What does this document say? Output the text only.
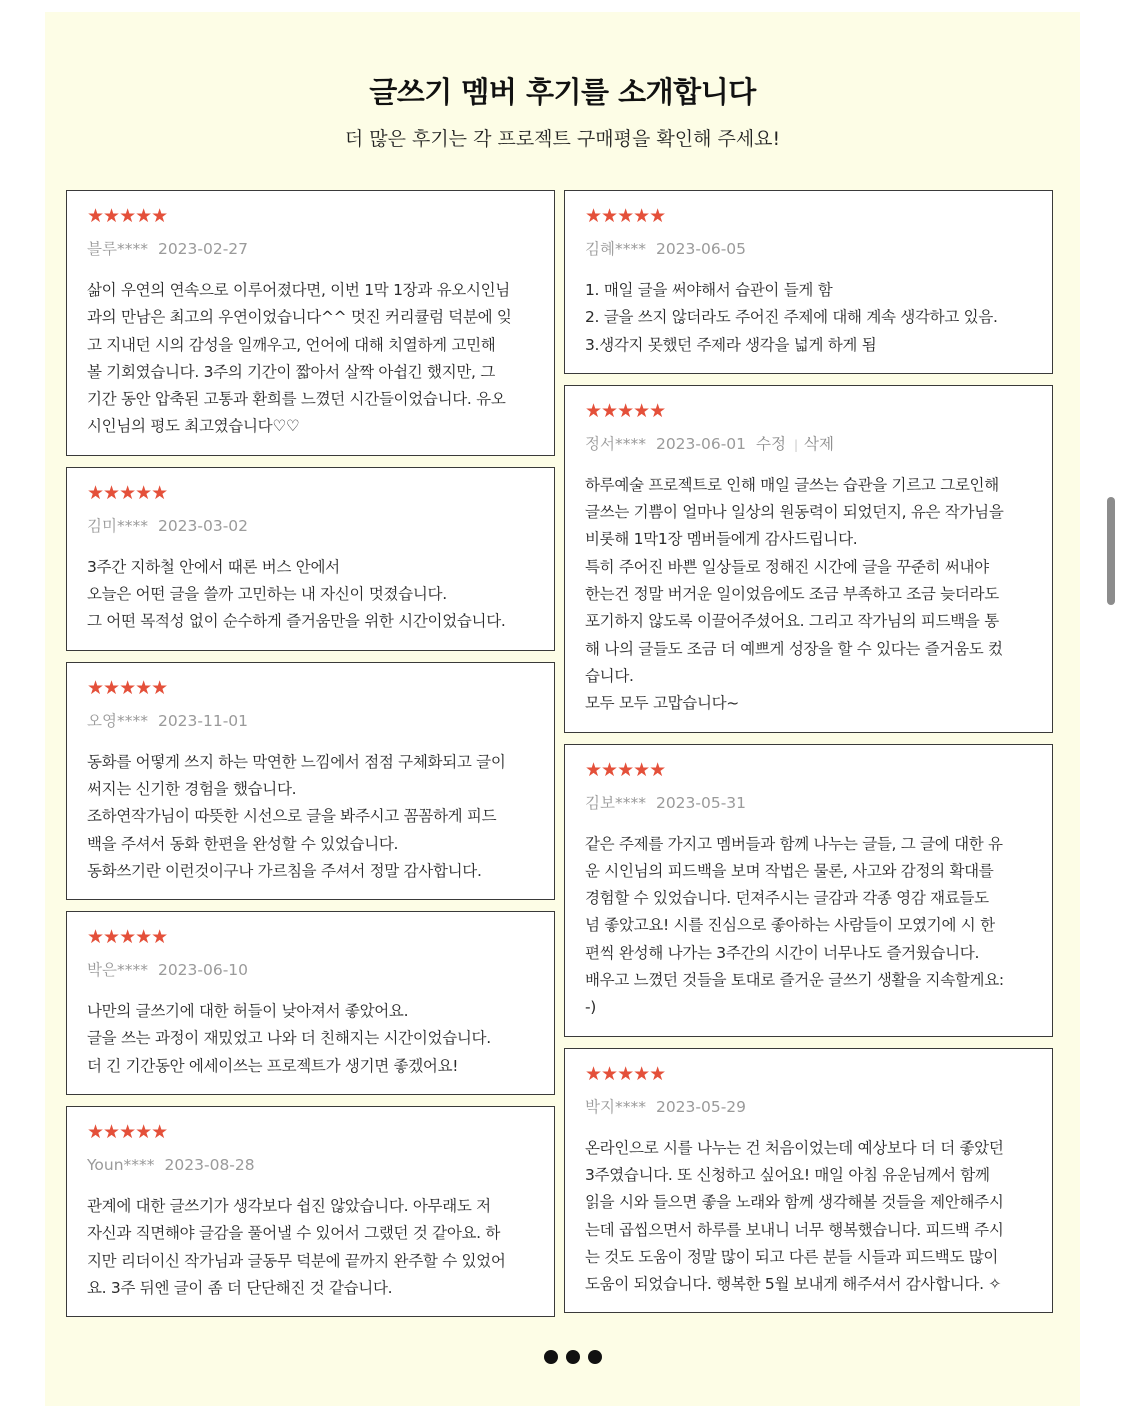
글쓰기 멤버 후기를 소개합니다
더 많은 후기는 각 프로젝트 구매평을 확인해 주세요!
★★★★★
블루**** 2023-02-27
삶이 우연의 연속으로 이루어졌다면, 이번 1막 1장과 유오시인님
과의 만남은 최고의 우연이었습니다^^ 멋진 커리큘럼 덕분에 잊
고 지내던 시의 감성을 일깨우고, 언어에 대해 치열하게 고민해
볼 기회였습니다. 3주의 기간이 짧아서 살짝 아쉽긴 했지만, 그
기간 동안 압축된 고통과 환희를 느꼈던 시간들이었습니다. 유오
시인님의 평도 최고였습니다♡♡
★★★★★
김미**** 2023-03-02
3주간 지하철 안에서 때론 버스 안에서
오늘은 어떤 글을 쓸까 고민하는 내 자신이 멋졌습니다.
그 어떤 목적성 없이 순수하게 즐거움만을 위한 시간이었습니다.
★★★★★
오영**** 2023-11-01
동화를 어떻게 쓰지 하는 막연한 느낌에서 점점 구체화되고 글이
써지는 신기한 경험을 했습니다.
조하연작가님이 따뜻한 시선으로 글을 봐주시고 꼼꼼하게 피드
백을 주셔서 동화 한편을 완성할 수 있었습니다.
동화쓰기란 이런것이구나 가르침을 주셔서 정말 감사합니다.
★★★★★
박은**** 2023-06-10
나만의 글쓰기에 대한 허들이 낮아져서 좋았어요.
글을 쓰는 과정이 재밌었고 나와 더 친해지는 시간이었습니다.
더 긴 기간동안 에세이쓰는 프로젝트가 생기면 좋겠어요!
★★★★★
Youn**** 2023-08-28
관계에 대한 글쓰기가 생각보다 쉽진 않았습니다. 아무래도 저
자신과 직면해야 글감을 풀어낼 수 있어서 그랬던 것 같아요. 하
지만 리더이신 작가님과 글동무 덕분에 끝까지 완주할 수 있었어
요. 3주 뒤엔 글이 좀 더 단단해진 것 같습니다.
★★★★★
김혜**** 2023-06-05
1. 매일 글을 써야해서 습관이 들게 함
2. 글을 쓰지 않더라도 주어진 주제에 대해 계속 생각하고 있음.
3.생각지 못했던 주제라 생각을 넓게 하게 됨
★★★★★
정서**** 2023-06-01 수정 | 삭제
하루예술 프로젝트로 인해 매일 글쓰는 습관을 기르고 그로인해
글쓰는 기쁨이 얼마나 일상의 원동력이 되었던지, 유은 작가님을
비롯해 1막1장 멤버들에게 감사드립니다.
특히 주어진 바쁜 일상들로 정해진 시간에 글을 꾸준히 써내야
한는건 정말 버거운 일이었음에도 조금 부족하고 조금 늦더라도
포기하지 않도록 이끌어주셨어요. 그리고 작가님의 피드백을 통
해 나의 글들도 조금 더 예쁘게 성장을 할 수 있다는 즐거움도 컸
습니다.
모두 모두 고맙습니다~
★★★★★
김보**** 2023-05-31
같은 주제를 가지고 멤버들과 함께 나누는 글들, 그 글에 대한 유
운 시인님의 피드백을 보며 작법은 물론, 사고와 감정의 확대를
경험할 수 있었습니다. 던져주시는 글감과 각종 영감 재료들도
넘 좋았고요! 시를 진심으로 좋아하는 사람들이 모였기에 시 한
편씩 완성해 나가는 3주간의 시간이 너무나도 즐거웠습니다.
배우고 느꼈던 것들을 토대로 즐거운 글쓰기 생활을 지속할게요:
-)
★★★★★
박지**** 2023-05-29
온라인으로 시를 나누는 건 처음이었는데 예상보다 더 더 좋았던
3주였습니다. 또 신청하고 싶어요! 매일 아침 유운님께서 함께
읽을 시와 들으면 좋을 노래와 함께 생각해볼 것들을 제안해주시
는데 곱씹으면서 하루를 보내니 너무 행복했습니다. 피드백 주시
는 것도 도움이 정말 많이 되고 다른 분들 시들과 피드백도 많이
도움이 되었습니다. 행복한 5월 보내게 해주셔서 감사합니다. ✧
